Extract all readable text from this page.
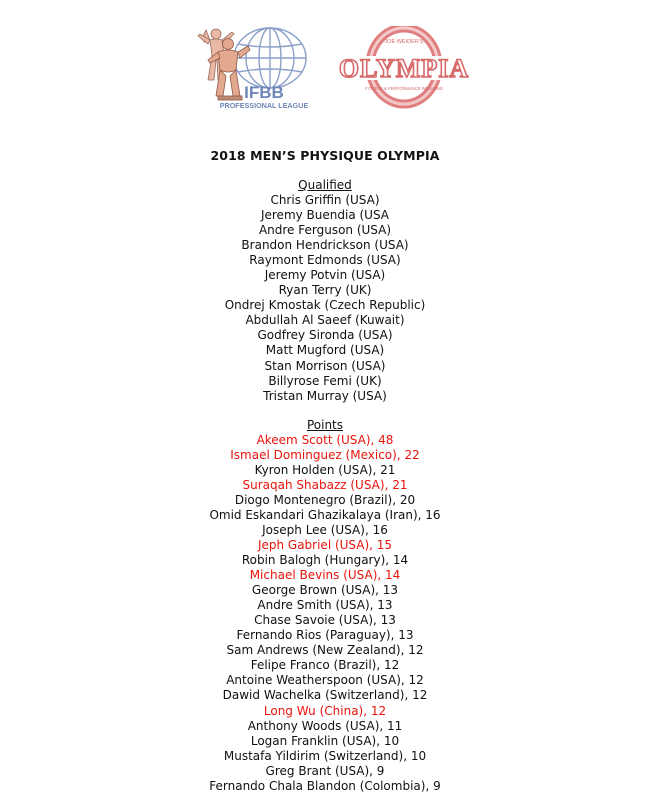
IFBB
PROFESSIONAL LEAGUE
OLYMPIA
JOE WEIDER'S
FITNESS & PERFORMANCE WEEKEND
2018 MEN’S PHYSIQUE OLYMPIA
Qualified
Chris Griffin (USA)
Jeremy Buendia (USA
Andre Ferguson (USA)
Brandon Hendrickson (USA)
Raymont Edmonds (USA)
Jeremy Potvin (USA)
Ryan Terry (UK)
Ondrej Kmostak (Czech Republic)
Abdullah Al Saeef (Kuwait)
Godfrey Sironda (USA)
Matt Mugford (USA)
Stan Morrison (USA)
Billyrose Femi (UK)
Tristan Murray (USA)
Points
Akeem Scott (USA), 48
Ismael Dominguez (Mexico), 22
Kyron Holden (USA), 21
Suraqah Shabazz (USA), 21
Diogo Montenegro (Brazil), 20
Omid Eskandari Ghazikalaya (Iran), 16
Joseph Lee (USA), 16
Jeph Gabriel (USA), 15
Robin Balogh (Hungary), 14
Michael Bevins (USA), 14
George Brown (USA), 13
Andre Smith (USA), 13
Chase Savoie (USA), 13
Fernando Rios (Paraguay), 13
Sam Andrews (New Zealand), 12
Felipe Franco (Brazil), 12
Antoine Weatherspoon (USA), 12
Dawid Wachelka (Switzerland), 12
Long Wu (China), 12
Anthony Woods (USA), 11
Logan Franklin (USA), 10
Mustafa Yildirim (Switzerland), 10
Greg Brant (USA), 9
Fernando Chala Blandon (Colombia), 9
